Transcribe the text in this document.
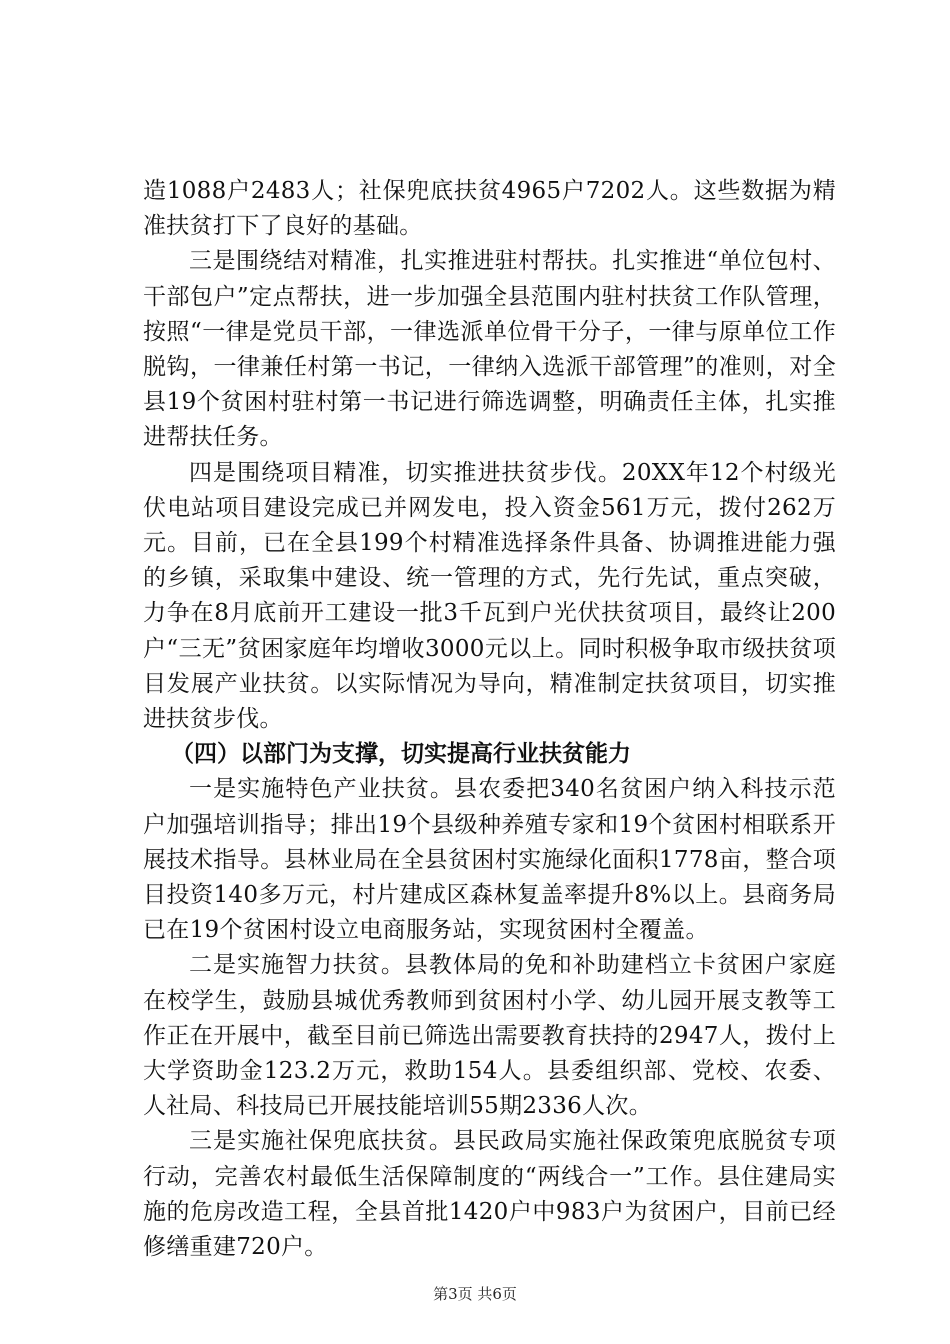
造1088户2483人；社保兜底扶贫4965户7202人。这些数据为精准扶贫打下了良好的基础。

三是围绕结对精准，扎实推进驻村帮扶。扎实推进“单位包村、干部包户”定点帮扶，进一步加强全县范围内驻村扶贫工作队管理，按照“一律是党员干部，一律选派单位骨干分子，一律与原单位工作脱钩，一律兼任村第一书记，一律纳入选派干部管理”的准则，对全县19个贫困村驻村第一书记进行筛选调整，明确责任主体，扎实推进帮扶任务。

四是围绕项目精准，切实推进扶贫步伐。20XX年12个村级光伏电站项目建设完成已并网发电，投入资金561万元，拨付262万元。目前，已在全县199个村精准选择条件具备、协调推进能力强的乡镇，采取集中建设、统一管理的方式，先行先试，重点突破，力争在8月底前开工建设一批3千瓦到户光伏扶贫项目，最终让200户“三无”贫困家庭年均增收3000元以上。同时积极争取市级扶贫项目发展产业扶贫。以实际情况为导向，精准制定扶贫项目，切实推进扶贫步伐。

（四）以部门为支撑，切实提高行业扶贫能力

一是实施特色产业扶贫。县农委把340名贫困户纳入科技示范户加强培训指导；排出19个县级种养殖专家和19个贫困村相联系开展技术指导。县林业局在全县贫困村实施绿化面积1778亩，整合项目投资140多万元，村片建成区森林复盖率提升8%以上。县商务局已在19个贫困村设立电商服务站，实现贫困村全覆盖。

二是实施智力扶贫。县教体局的免和补助建档立卡贫困户家庭在校学生，鼓励县城优秀教师到贫困村小学、幼儿园开展支教等工作正在开展中，截至目前已筛选出需要教育扶持的2947人，拨付上大学资助金123.2万元，救助154人。县委组织部、党校、农委、人社局、科技局已开展技能培训55期2336人次。

三是实施社保兜底扶贫。县民政局实施社保政策兜底脱贫专项行动，完善农村最低生活保障制度的“两线合一”工作。县住建局实施的危房改造工程，全县首批1420户中983户为贫困户，目前已经修缮重建720户。

第3页 共6页
